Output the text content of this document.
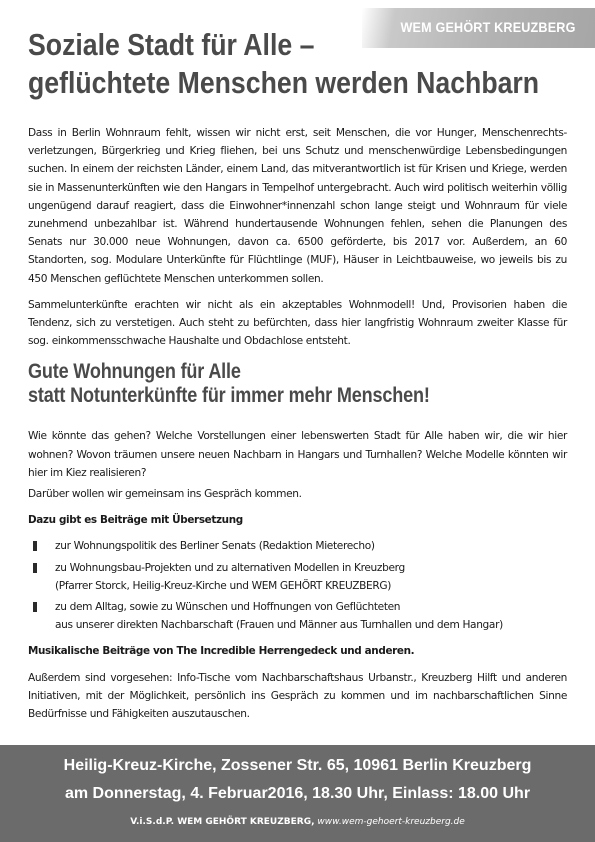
WEM GEHÖRT KREUZBERG
Soziale Stadt für Alle –
geflüchtete Menschen werden Nachbarn

Dass in Berlin Wohnraum fehlt, wissen wir nicht erst, seit Menschen, die vor Hunger, Menschenrechts-verletzungen, Bürgerkrieg und Krieg fliehen, bei uns Schutz und menschenwürdige Lebensbedingungen suchen. In einem der reichsten Länder, einem Land, das mitverantwortlich ist für Krisen und Kriege, werden sie in Massenunterkünften wie den Hangars in Tempelhof untergebracht. Auch wird politisch weiterhin völlig ungenügend darauf reagiert, dass die Einwohner*innenzahl schon lange steigt und Wohnraum für viele zunehmend unbezahlbar ist. Während hundertausende Wohnungen fehlen, sehen die Planungen des Senats nur 30.000 neue Wohnungen, davon ca. 6500 geförderte, bis 2017 vor. Außerdem, an 60 Standorten, sog. Modulare Unterkünfte für Flüchtlinge (MUF), Häuser in Leichtbauweise, wo jeweils bis zu 450 Menschen geflüchtete Menschen unterkommen sollen.

Sammelunterkünfte erachten wir nicht als ein akzeptables Wohnmodell! Und, Provisorien haben die Tendenz, sich zu verstetigen. Auch steht zu befürchten, dass hier langfristig Wohnraum zweiter Klasse für sog. einkommensschwache Haushalte und Obdachlose entsteht.

Gute Wohnungen für Alle
statt Notunterkünfte für immer mehr Menschen!

Wie könnte das gehen? Welche Vorstellungen einer lebenswerten Stadt für Alle haben wir, die wir hier wohnen? Wovon träumen unsere neuen Nachbarn in Hangars und Turnhallen? Welche Modelle könnten wir hier im Kiez realisieren?

Darüber wollen wir gemeinsam ins Gespräch kommen.

Dazu gibt es Beiträge mit Übersetzung

zur Wohnungspolitik des Berliner Senats (Redaktion Mieterecho)
zu Wohnungsbau-Projekten und zu alternativen Modellen in Kreuzberg
(Pfarrer Storck, Heilig-Kreuz-Kirche und WEM GEHÖRT KREUZBERG)
zu dem Alltag, sowie zu Wünschen und Hoffnungen von Geflüchteten
aus unserer direkten Nachbarschaft (Frauen und Männer aus Turnhallen und dem Hangar)

Musikalische Beiträge von The Incredible Herrengedeck und anderen.

Außerdem sind vorgesehen: Info-Tische vom Nachbarschaftshaus Urbanstr., Kreuzberg Hilft und anderen Initiativen, mit der Möglichkeit, persönlich ins Gespräch zu kommen und im nachbarschaftlichen Sinne Bedürfnisse und Fähigkeiten auszutauschen.

Heilig-Kreuz-Kirche, Zossener Str. 65, 10961 Berlin Kreuzberg
am Donnerstag, 4. Februar2016, 18.30 Uhr, Einlass: 18.00 Uhr
V.i.S.d.P. WEM GEHÖRT KREUZBERG, www.wem-gehoert-kreuzberg.de
